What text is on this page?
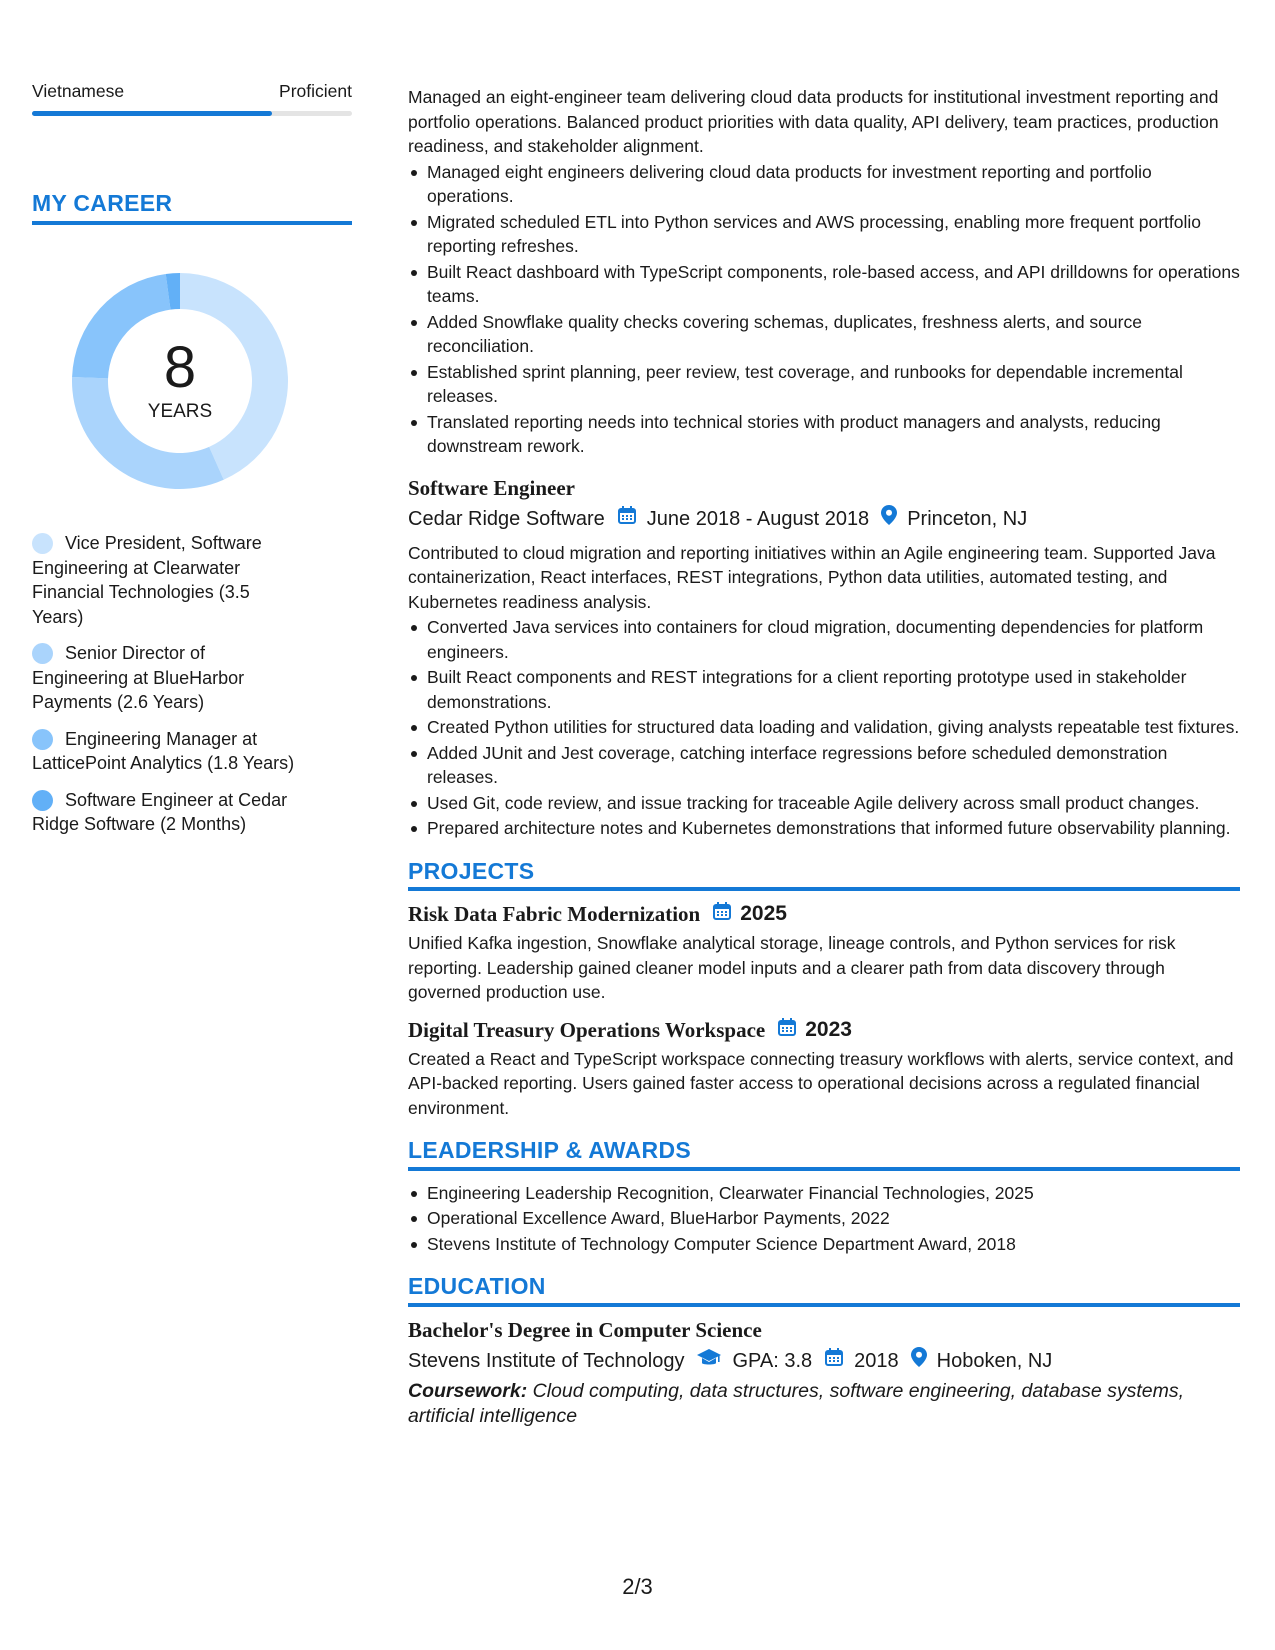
Vietnamese	Proficient
MY CAREER
8
YEARS
Vice President, Software Engineering at Clearwater Financial Technologies (3.5 Years)
Senior Director of Engineering at BlueHarbor Payments (2.6 Years)
Engineering Manager at LatticePoint Analytics (1.8 Years)
Software Engineer at Cedar Ridge Software (2 Months)
Managed an eight-engineer team delivering cloud data products for institutional investment reporting and portfolio operations. Balanced product priorities with data quality, API delivery, team practices, production readiness, and stakeholder alignment.
Managed eight engineers delivering cloud data products for investment reporting and portfolio operations.
Migrated scheduled ETL into Python services and AWS processing, enabling more frequent portfolio reporting refreshes.
Built React dashboard with TypeScript components, role-based access, and API drilldowns for operations teams.
Added Snowflake quality checks covering schemas, duplicates, freshness alerts, and source reconciliation.
Established sprint planning, peer review, test coverage, and runbooks for dependable incremental releases.
Translated reporting needs into technical stories with product managers and analysts, reducing downstream rework.
Software Engineer
Cedar Ridge Software June 2018 - August 2018 Princeton, NJ
Contributed to cloud migration and reporting initiatives within an Agile engineering team. Supported Java containerization, React interfaces, REST integrations, Python data utilities, automated testing, and Kubernetes readiness analysis.
Converted Java services into containers for cloud migration, documenting dependencies for platform engineers.
Built React components and REST integrations for a client reporting prototype used in stakeholder demonstrations.
Created Python utilities for structured data loading and validation, giving analysts repeatable test fixtures.
Added JUnit and Jest coverage, catching interface regressions before scheduled demonstration releases.
Used Git, code review, and issue tracking for traceable Agile delivery across small product changes.
Prepared architecture notes and Kubernetes demonstrations that informed future observability planning.
PROJECTS
Risk Data Fabric Modernization 2025
Unified Kafka ingestion, Snowflake analytical storage, lineage controls, and Python services for risk reporting. Leadership gained cleaner model inputs and a clearer path from data discovery through governed production use.
Digital Treasury Operations Workspace 2023
Created a React and TypeScript workspace connecting treasury workflows with alerts, service context, and API-backed reporting. Users gained faster access to operational decisions across a regulated financial environment.
LEADERSHIP & AWARDS
Engineering Leadership Recognition, Clearwater Financial Technologies, 2025
Operational Excellence Award, BlueHarbor Payments, 2022
Stevens Institute of Technology Computer Science Department Award, 2018
EDUCATION
Bachelor's Degree in Computer Science
Stevens Institute of Technology GPA: 3.8 2018 Hoboken, NJ
Coursework: Cloud computing, data structures, software engineering, database systems, artificial intelligence
2/3
